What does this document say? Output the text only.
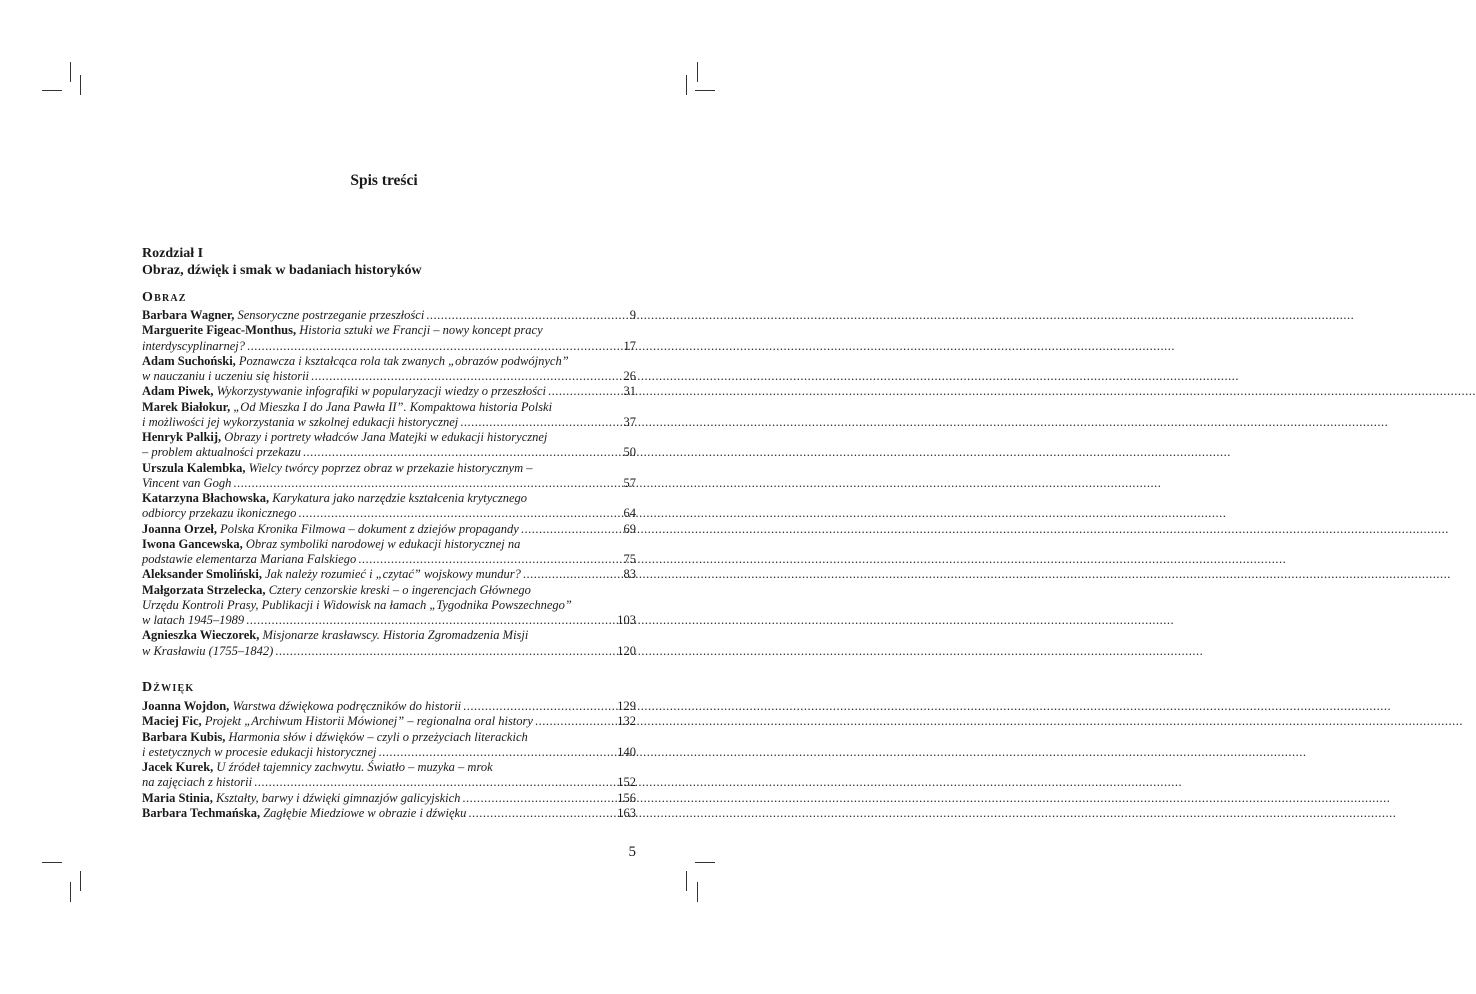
Spis treści
Rozdział I
Obraz, dźwięk i smak w badaniach historyków
Obraz
Barbara Wagner, Sensoryczne postrzeganie przeszłości .....	9
Marguerite Figeac-Monthus, Historia sztuki we Francji – nowy koncept pracy
interdyscyplinarnej? .....	17
Adam Suchoński, Poznawcza i kształcąca rola tak zwanych „obrazów podwójnych”
w nauczaniu i uczeniu się historii .....	26
Adam Piwek, Wykorzystywanie infografiki w popularyzacji wiedzy o przeszłości .....	31
Marek Białokur, „Od Mieszka I do Jana Pawła II”. Kompaktowa historia Polski
i możliwości jej wykorzystania w szkolnej edukacji historycznej .....	37
Henryk Palkij, Obrazy i portrety władców Jana Matejki w edukacji historycznej
– problem aktualności przekazu .....	50
Urszula Kalembka, Wielcy twórcy poprzez obraz w przekazie historycznym –
Vincent van Gogh .....	57
Katarzyna Błachowska, Karykatura jako narzędzie kształcenia krytycznego
odbiorcy przekazu ikonicznego .....	64
Joanna Orzeł, Polska Kronika Filmowa – dokument z dziejów propagandy .....	69
Iwona Gancewska, Obraz symboliki narodowej w edukacji historycznej na
podstawie elementarza Mariana Falskiego .....	75
Aleksander Smoliński, Jak należy rozumieć i „czytać” wojskowy mundur? .....	83
Małgorzata Strzelecka, Cztery cenzorskie kreski – o ingerencjach Głównego
Urzędu Kontroli Prasy, Publikacji i Widowisk na łamach „Tygodnika Powszechnego”
w latach 1945–1989 .....	103
Agnieszka Wieczorek, Misjonarze krasławscy. Historia Zgromadzenia Misji
w Krasławiu (1755–1842) .....	120
Dźwięk
Joanna Wojdon, Warstwa dźwiękowa podręczników do historii .....	129
Maciej Fic, Projekt „Archiwum Historii Mówionej” – regionalna oral history .....	132
Barbara Kubis, Harmonia słów i dźwięków – czyli o przeżyciach literackich
i estetycznych w procesie edukacji historycznej .....	140
Jacek Kurek, U źródeł tajemnicy zachwytu. Światło – muzyka – mrok
na zajęciach z historii .....	152
Maria Stinia, Kształty, barwy i dźwięki gimnazjów galicyjskich .....	156
Barbara Techmańska, Zagłębie Miedziowe w obrazie i dźwięku .....	163
5
